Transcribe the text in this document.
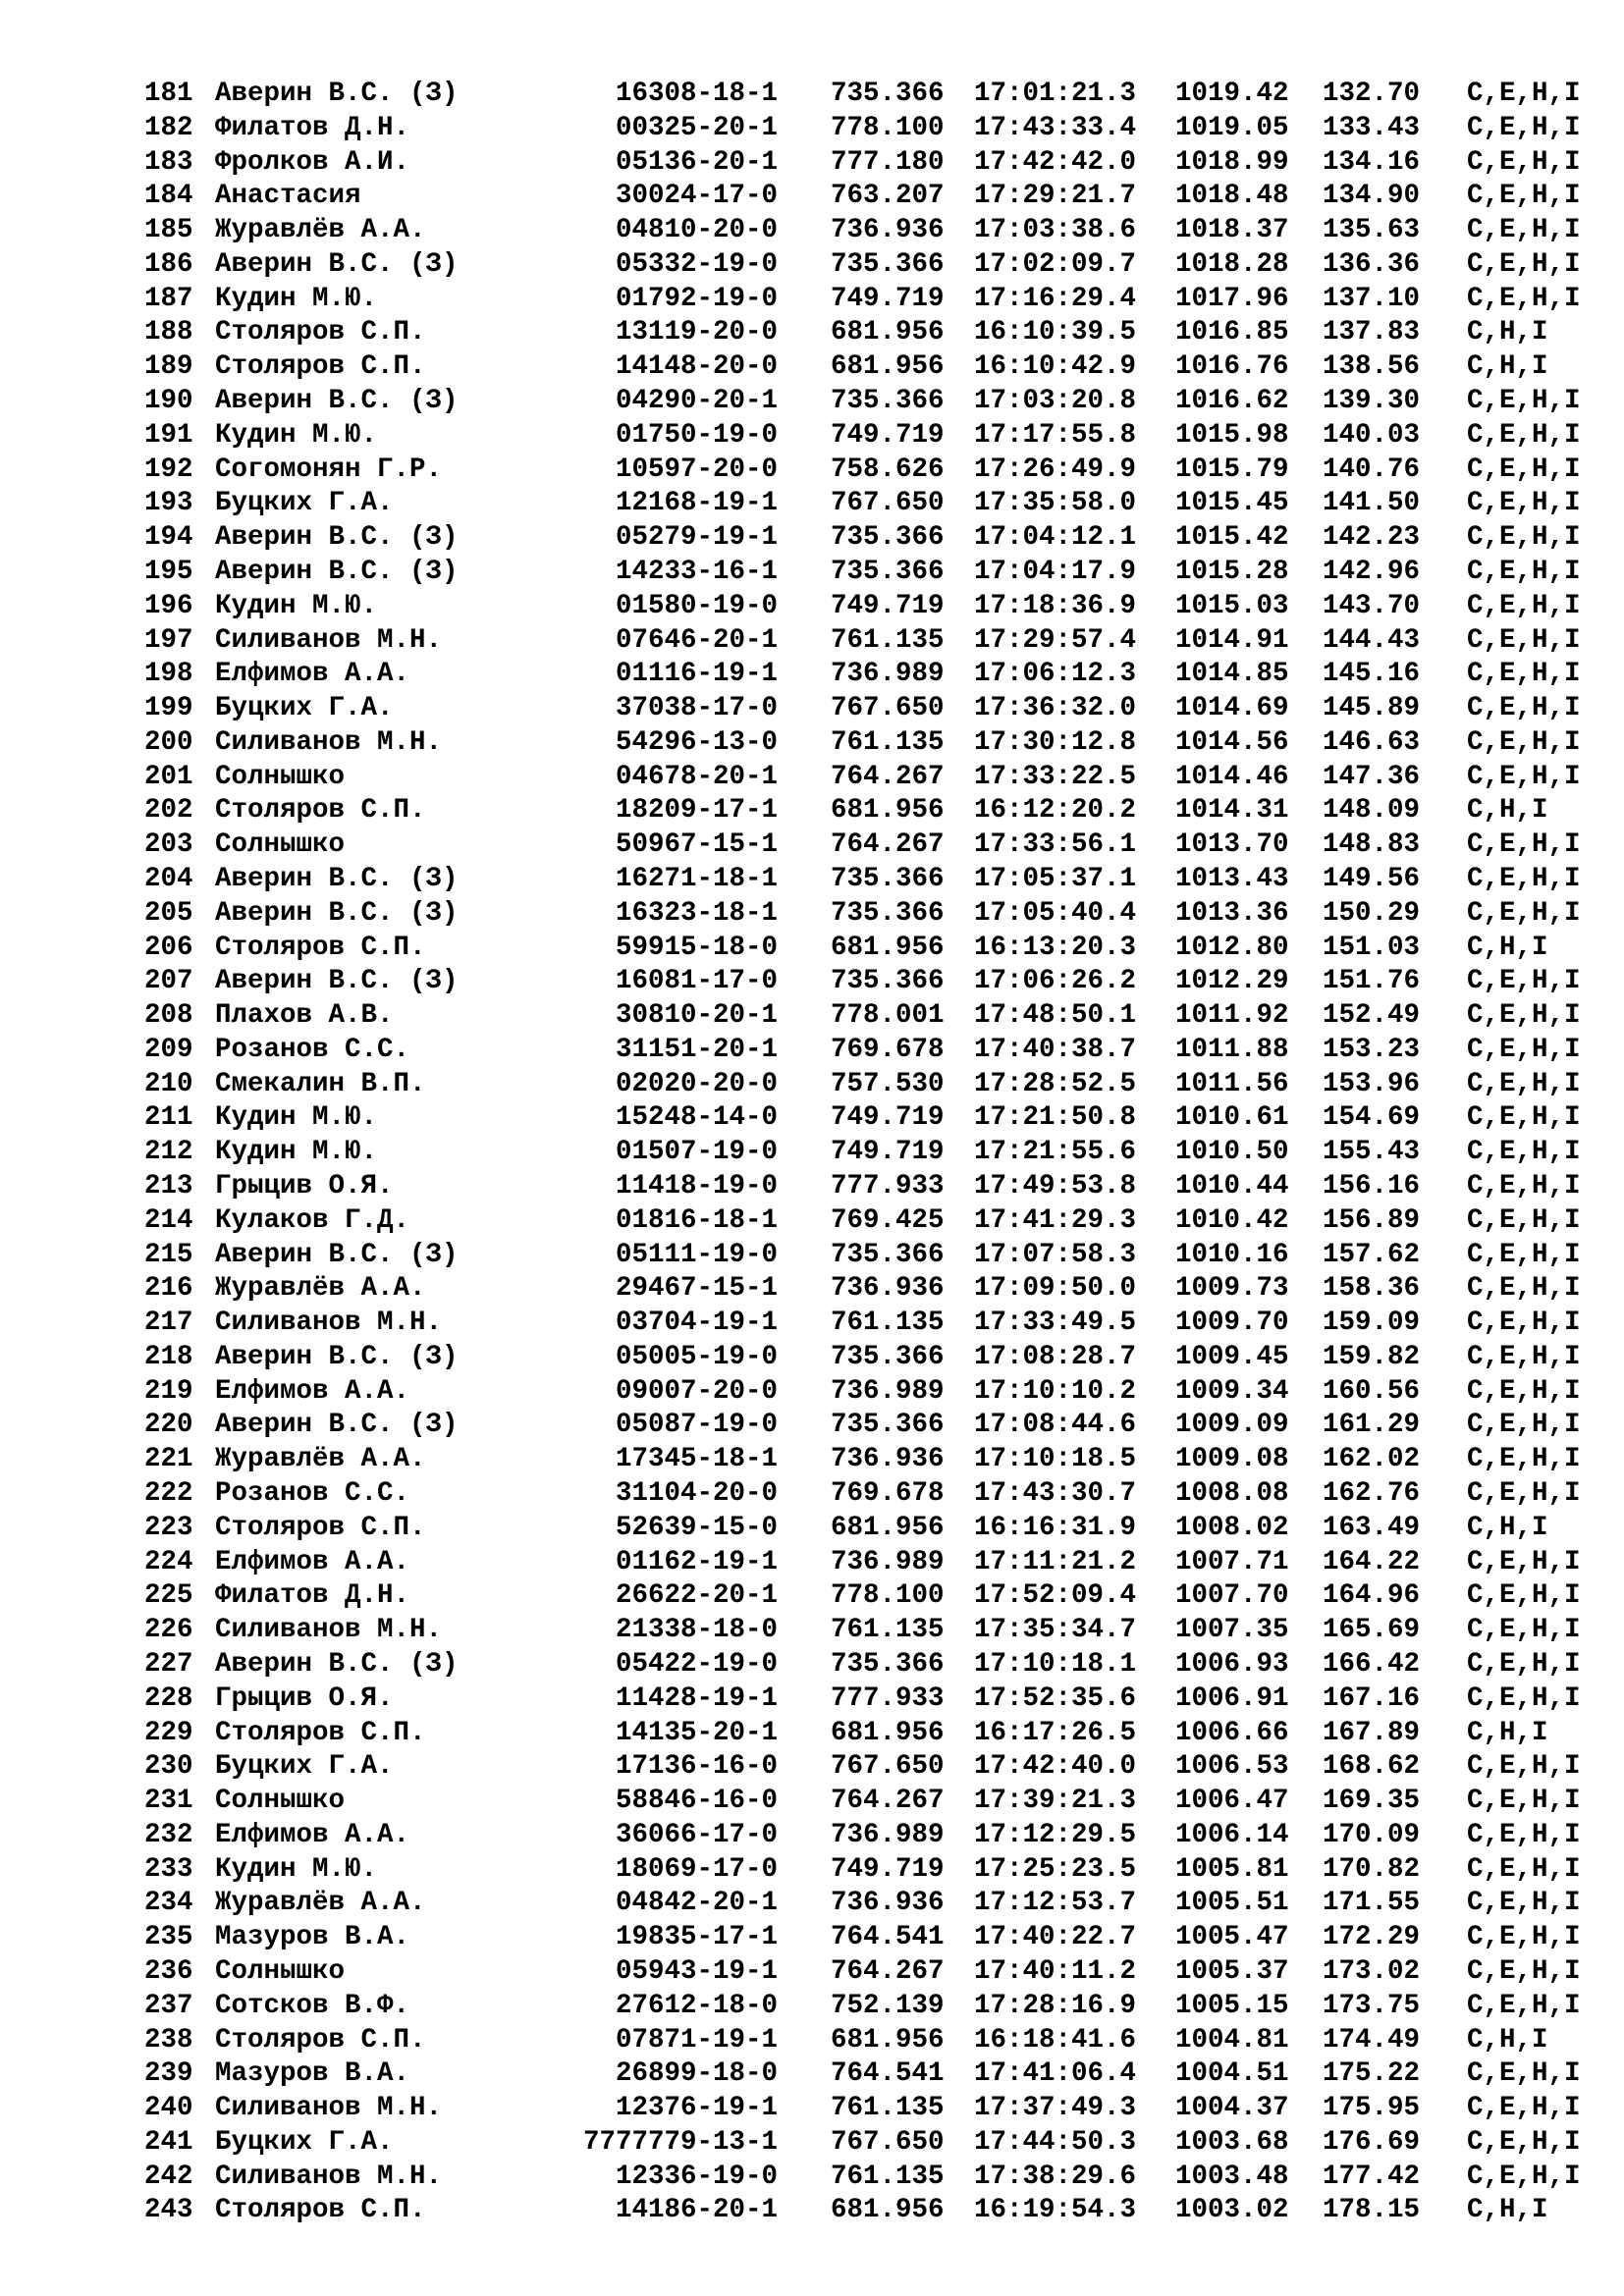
181 Аверин В.С. (З)	16308-18-1 735.366 17:01:21.3 1019.42 132.70 C,E,H,I
182 Филатов Д.Н.	00325-20-1 778.100 17:43:33.4 1019.05 133.43 C,E,H,I
183 Фролков А.И.	05136-20-1 777.180 17:42:42.0 1018.99 134.16 C,E,H,I
184 Анастасия	30024-17-0 763.207 17:29:21.7 1018.48 134.90 C,E,H,I
185 Журавлёв А.А.	04810-20-0 736.936 17:03:38.6 1018.37 135.63 C,E,H,I
186 Аверин В.С. (З)	05332-19-0 735.366 17:02:09.7 1018.28 136.36 C,E,H,I
187 Кудин М.Ю.	01792-19-0 749.719 17:16:29.4 1017.96 137.10 C,E,H,I
188 Столяров С.П.	13119-20-0 681.956 16:10:39.5 1016.85 137.83 C,H,I
189 Столяров С.П.	14148-20-0 681.956 16:10:42.9 1016.76 138.56 C,H,I
190 Аверин В.С. (З)	04290-20-1 735.366 17:03:20.8 1016.62 139.30 C,E,H,I
191 Кудин М.Ю.	01750-19-0 749.719 17:17:55.8 1015.98 140.03 C,E,H,I
192 Согомонян Г.Р.	10597-20-0 758.626 17:26:49.9 1015.79 140.76 C,E,H,I
193 Буцких Г.А.	12168-19-1 767.650 17:35:58.0 1015.45 141.50 C,E,H,I
194 Аверин В.С. (З)	05279-19-1 735.366 17:04:12.1 1015.42 142.23 C,E,H,I
195 Аверин В.С. (З)	14233-16-1 735.366 17:04:17.9 1015.28 142.96 C,E,H,I
196 Кудин М.Ю.	01580-19-0 749.719 17:18:36.9 1015.03 143.70 C,E,H,I
197 Силиванов М.Н.	07646-20-1 761.135 17:29:57.4 1014.91 144.43 C,E,H,I
198 Елфимов А.А.	01116-19-1 736.989 17:06:12.3 1014.85 145.16 C,E,H,I
199 Буцких Г.А.	37038-17-0 767.650 17:36:32.0 1014.69 145.89 C,E,H,I
200 Силиванов М.Н.	54296-13-0 761.135 17:30:12.8 1014.56 146.63 C,E,H,I
201 Солнышко	04678-20-1 764.267 17:33:22.5 1014.46 147.36 C,E,H,I
202 Столяров С.П.	18209-17-1 681.956 16:12:20.2 1014.31 148.09 C,H,I
203 Солнышко	50967-15-1 764.267 17:33:56.1 1013.70 148.83 C,E,H,I
204 Аверин В.С. (З)	16271-18-1 735.366 17:05:37.1 1013.43 149.56 C,E,H,I
205 Аверин В.С. (З)	16323-18-1 735.366 17:05:40.4 1013.36 150.29 C,E,H,I
206 Столяров С.П.	59915-18-0 681.956 16:13:20.3 1012.80 151.03 C,H,I
207 Аверин В.С. (З)	16081-17-0 735.366 17:06:26.2 1012.29 151.76 C,E,H,I
208 Плахов А.В.	30810-20-1 778.001 17:48:50.1 1011.92 152.49 C,E,H,I
209 Розанов С.С.	31151-20-1 769.678 17:40:38.7 1011.88 153.23 C,E,H,I
210 Смекалин В.П.	02020-20-0 757.530 17:28:52.5 1011.56 153.96 C,E,H,I
211 Кудин М.Ю.	15248-14-0 749.719 17:21:50.8 1010.61 154.69 C,E,H,I
212 Кудин М.Ю.	01507-19-0 749.719 17:21:55.6 1010.50 155.43 C,E,H,I
213 Грыцив О.Я.	11418-19-0 777.933 17:49:53.8 1010.44 156.16 C,E,H,I
214 Кулаков Г.Д.	01816-18-1 769.425 17:41:29.3 1010.42 156.89 C,E,H,I
215 Аверин В.С. (З)	05111-19-0 735.366 17:07:58.3 1010.16 157.62 C,E,H,I
216 Журавлёв А.А.	29467-15-1 736.936 17:09:50.0 1009.73 158.36 C,E,H,I
217 Силиванов М.Н.	03704-19-1 761.135 17:33:49.5 1009.70 159.09 C,E,H,I
218 Аверин В.С. (З)	05005-19-0 735.366 17:08:28.7 1009.45 159.82 C,E,H,I
219 Елфимов А.А.	09007-20-0 736.989 17:10:10.2 1009.34 160.56 C,E,H,I
220 Аверин В.С. (З)	05087-19-0 735.366 17:08:44.6 1009.09 161.29 C,E,H,I
221 Журавлёв А.А.	17345-18-1 736.936 17:10:18.5 1009.08 162.02 C,E,H,I
222 Розанов С.С.	31104-20-0 769.678 17:43:30.7 1008.08 162.76 C,E,H,I
223 Столяров С.П.	52639-15-0 681.956 16:16:31.9 1008.02 163.49 C,H,I
224 Елфимов А.А.	01162-19-1 736.989 17:11:21.2 1007.71 164.22 C,E,H,I
225 Филатов Д.Н.	26622-20-1 778.100 17:52:09.4 1007.70 164.96 C,E,H,I
226 Силиванов М.Н.	21338-18-0 761.135 17:35:34.7 1007.35 165.69 C,E,H,I
227 Аверин В.С. (З)	05422-19-0 735.366 17:10:18.1 1006.93 166.42 C,E,H,I
228 Грыцив О.Я.	11428-19-1 777.933 17:52:35.6 1006.91 167.16 C,E,H,I
229 Столяров С.П.	14135-20-1 681.956 16:17:26.5 1006.66 167.89 C,H,I
230 Буцких Г.А.	17136-16-0 767.650 17:42:40.0 1006.53 168.62 C,E,H,I
231 Солнышко	58846-16-0 764.267 17:39:21.3 1006.47 169.35 C,E,H,I
232 Елфимов А.А.	36066-17-0 736.989 17:12:29.5 1006.14 170.09 C,E,H,I
233 Кудин М.Ю.	18069-17-0 749.719 17:25:23.5 1005.81 170.82 C,E,H,I
234 Журавлёв А.А.	04842-20-1 736.936 17:12:53.7 1005.51 171.55 C,E,H,I
235 Мазуров В.А.	19835-17-1 764.541 17:40:22.7 1005.47 172.29 C,E,H,I
236 Солнышко	05943-19-1 764.267 17:40:11.2 1005.37 173.02 C,E,H,I
237 Сотсков В.Ф.	27612-18-0 752.139 17:28:16.9 1005.15 173.75 C,E,H,I
238 Столяров С.П.	07871-19-1 681.956 16:18:41.6 1004.81 174.49 C,H,I
239 Мазуров В.А.	26899-18-0 764.541 17:41:06.4 1004.51 175.22 C,E,H,I
240 Силиванов М.Н.	12376-19-1 761.135 17:37:49.3 1004.37 175.95 C,E,H,I
241 Буцких Г.А.	7777779-13-1 767.650 17:44:50.3 1003.68 176.69 C,E,H,I
242 Силиванов М.Н.	12336-19-0 761.135 17:38:29.6 1003.48 177.42 C,E,H,I
243 Столяров С.П.	14186-20-1 681.956 16:19:54.3 1003.02 178.15 C,H,I
